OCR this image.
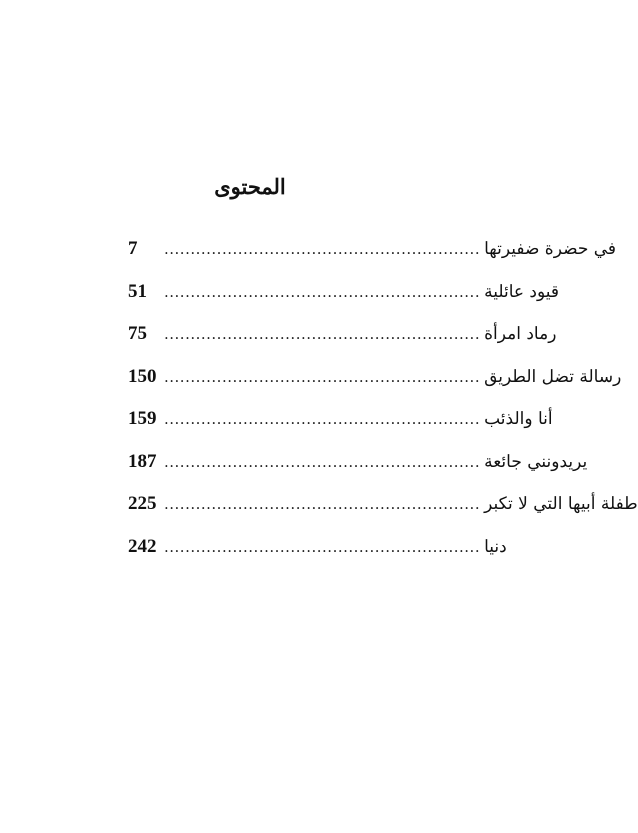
المحتوى
7	............................................................ في حضرة ضفيرتها
51	............................................................ قيود عائلية
75	............................................................ رماد امرأة
150 ............................................................ رسالة تضل الطريق
159 ............................................................ أنا والذئب
187 ............................................................ يريدونني جائعة
225 ............................................................ طفلة أبيها التي لا تكبر
242 ............................................................ دنيا
